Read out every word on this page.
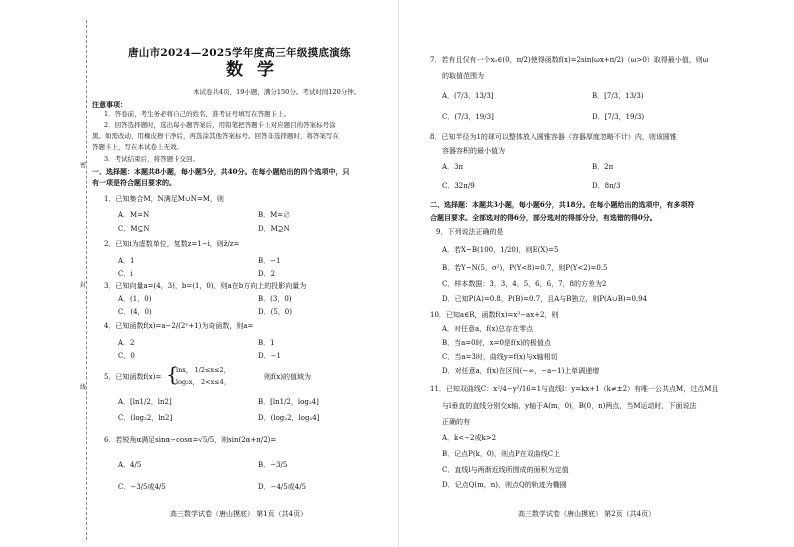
密
封
线
唐山市2024—2025学年度高三年级摸底演练
数学
本试卷共4页，19小题，满分150分。考试时间120分钟。
注意事项：
1．答卷前，考生务必将自己的姓名，准考证号填写在答题卡上。
2．回答选择题时，选出每小题答案后，用铅笔把答题卡上对应题目的答案标号涂
黑。如需改动，用橡皮擦干净后，再选涂其他答案标号。回答非选择题时，将答案写在
答题卡上，写在本试卷上无效。
3．考试结束后，将答题卡交回。
一、选择题：本题共8小题，每小题5分，共40分。在每小题给出的四个选项中，只
有一项是符合题目要求的。
1．已知集合M，N满足M∪N=M，则
A．M=N	B．M=∅
C．M⊆N	D．M⊇N
2．已知i为虚数单位，复数z=1−i，则z̄/z=
A．1	B．−1
C．i	D．2
3．已知向量a=(4，3)，b=(1，0)，则a在b方向上的投影向量为
A．(1，0)	B．(3，0)
C．(4，0)	D．(5，0)
4．已知函数f(x)=a−2/(2ˣ+1)为奇函数，则a=
A．2	B．1
C．0	D．−1
5．已知函数f(x)= {
lnx， 1/2≤x≤2，
log₂x， 2<x≤4，
则f(x)的值域为
A．[ln1/2，ln2]	B．[ln1/2，log₂4]
C．(log₂2，ln2]	D．(log₂2，log₂4]
6．若锐角α满足sinα−cosα=√5/5，则sin(2α+π/2)=
A．4/5	B．−3/5
C．−3/5或4/5	D．−4/5或4/5
高三数学试卷（唐山摸底） 第1页（共4页）
7．若有且仅有一个x₀∈(0，π/2)使得函数f(x)=2sin(ωx+π/2)（ω>0）取得最小值，则ω
的取值范围为
A．(7/3，13/3]	B．[7/3，13/3)
C．(7/3，19/3]	D．[7/3，19/3)
8．已知半径为1的球可以整体放入圆锥容器（容器厚度忽略不计）内，则该圆锥
容器容积的最小值为
A．3π	B．2π
C．32π/9	D．8π/3
二、选择题：本题共3小题，每小题6分，共18分。在每小题给出的选项中，有多项符
合题目要求。全部选对的得6分，部分选对的得部分分，有选错的得0分。
9．下列说法正确的是
A．若X~B(100，1/20)，则E(X)=5
B．若Y~N(5，σ²)，P(Y<8)=0.7，则P(Y<2)=0.5
C．样本数据：3，3，4，5，6，6，7，8的方差为2
D．已知P(A)=0.8，P(B)=0.7，且A与B独立，则P(A∪B)=0.94
10．已知a∈R，函数f(x)=x³−ax+2，则
A．对任意a，f(x)总存在零点
B．当a=0时，x=0是f(x)的极值点
C．当a=3时，曲线y=f(x)与x轴相切
D．对任意a，f(x)在区间(−∞，−a−1)上单调递增
11．已知双曲线C：x²/4−y²/16=1与直线l：y=kx+1（k≠±2）有唯一公共点M，过点M且
与l垂直的直线分别交x轴，y轴于A(m，0)，B(0，n)两点，当M运动时，下面说法
正确的有
A．k<−2或k>2
B．记点P(k，0)，则点P在双曲线C上
C．直线l与两渐近线所围成的面积为定值
D．记点Q(m，n)，则点Q的轨迹为椭圆
高三数学试卷（唐山摸底） 第2页（共4页）
